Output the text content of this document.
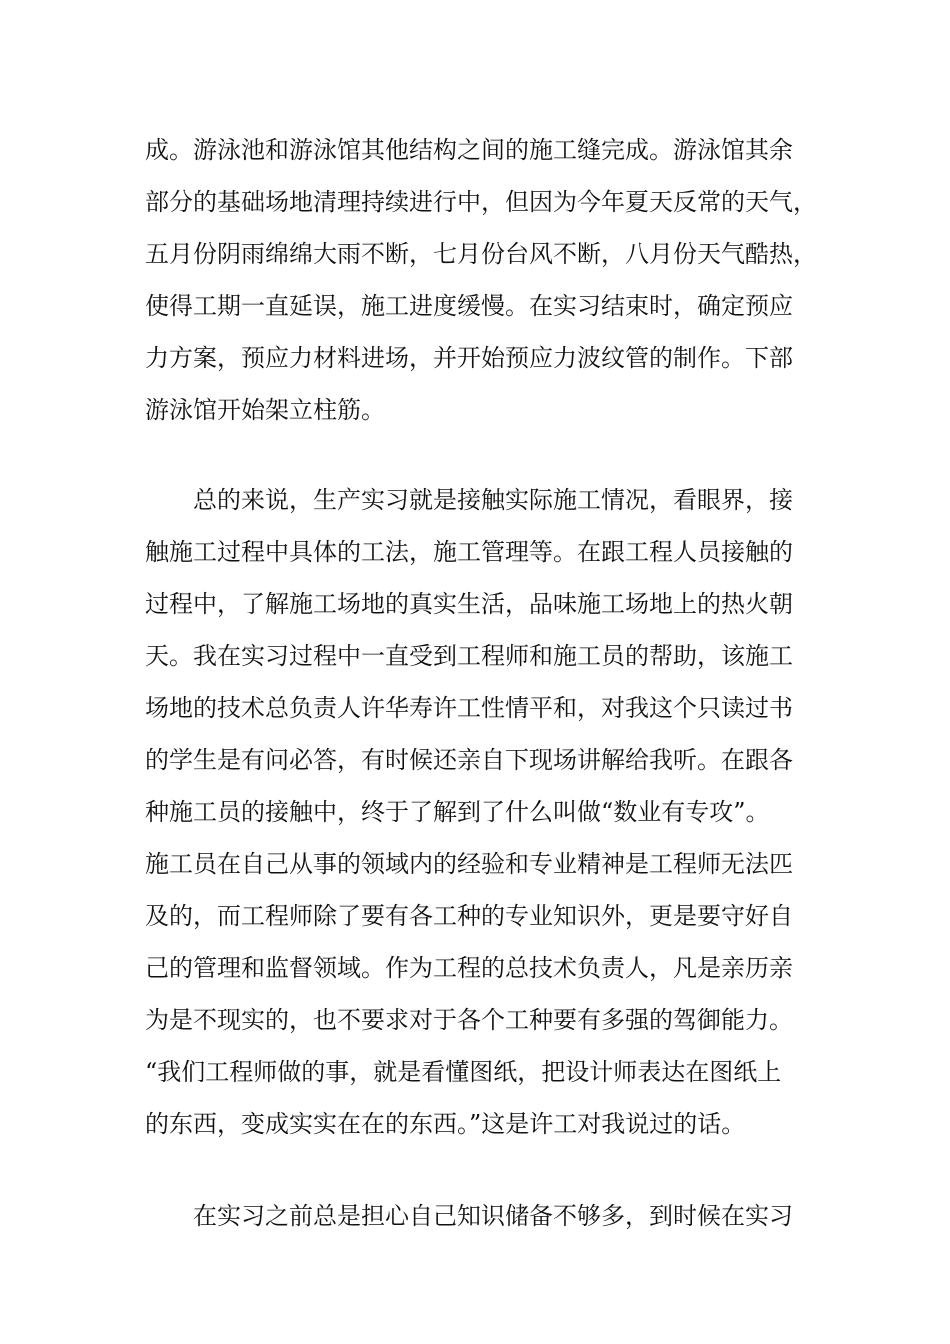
成。游泳池和游泳馆其他结构之间的施工缝完成。游泳馆其余
部分的基础场地清理持续进行中，但因为今年夏天反常的天气，
五月份阴雨绵绵大雨不断，七月份台风不断，八月份天气酷热，
使得工期一直延误，施工进度缓慢。在实习结束时，确定预应
力方案，预应力材料进场，并开始预应力波纹管的制作。下部
游泳馆开始架立柱筋。
总的来说，生产实习就是接触实际施工情况，看眼界，接
触施工过程中具体的工法，施工管理等。在跟工程人员接触的
过程中，了解施工场地的真实生活，品味施工场地上的热火朝
天。我在实习过程中一直受到工程师和施工员的帮助，该施工
场地的技术总负责人许华寿许工性情平和，对我这个只读过书
的学生是有问必答，有时候还亲自下现场讲解给我听。在跟各
种施工员的接触中，终于了解到了什么叫做“数业有专攻”。
施工员在自己从事的领域内的经验和专业精神是工程师无法匹
及的，而工程师除了要有各工种的专业知识外，更是要守好自
己的管理和监督领域。作为工程的总技术负责人，凡是亲历亲
为是不现实的，也不要求对于各个工种要有多强的驾御能力。
“我们工程师做的事，就是看懂图纸，把设计师表达在图纸上
的东西，变成实实在在的东西。”这是许工对我说过的话。
在实习之前总是担心自己知识储备不够多，到时候在实习
